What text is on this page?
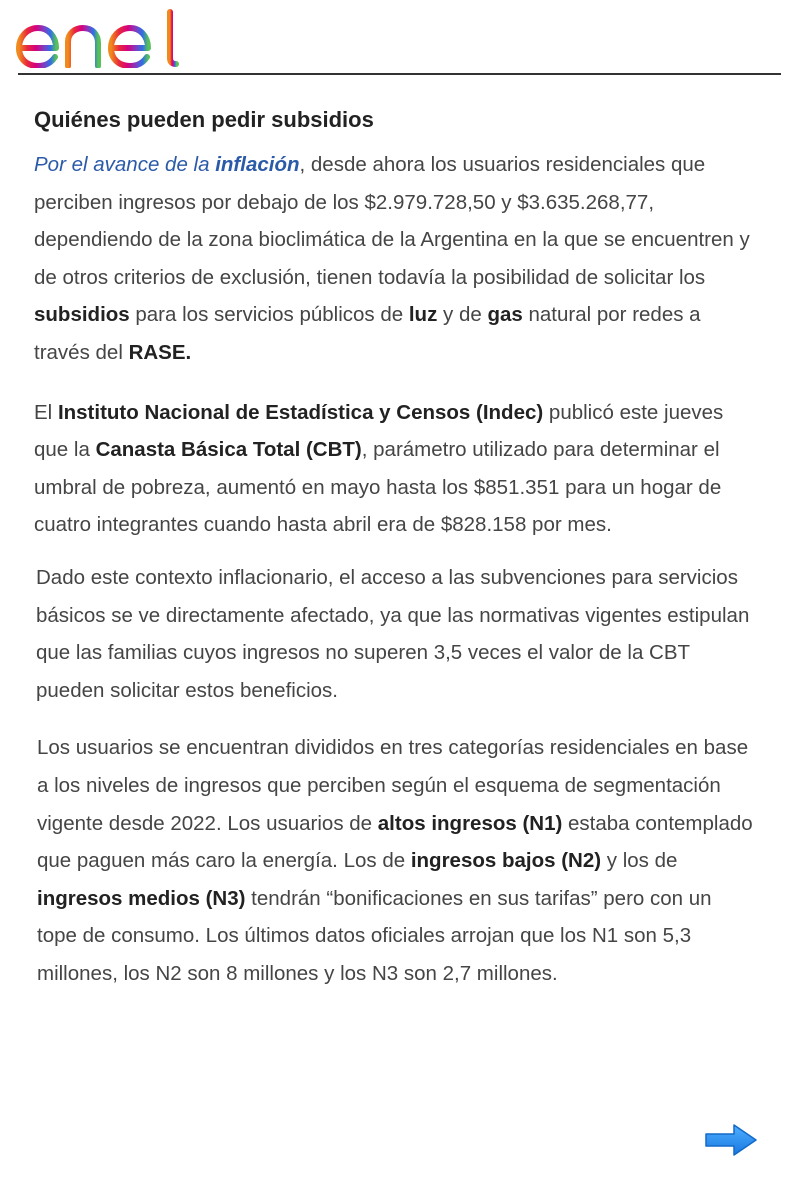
Quiénes pueden pedir subsidios

Por el avance de la inflación, desde ahora los usuarios residenciales que perciben ingresos por debajo de los $2.979.728,50 y $3.635.268,77, dependiendo de la zona bioclimática de la Argentina en la que se encuentren y de otros criterios de exclusión, tienen todavía la posibilidad de solicitar los subsidios para los servicios públicos de luz y de gas natural por redes a través del RASE.

El Instituto Nacional de Estadística y Censos (Indec) publicó este jueves que la Canasta Básica Total (CBT), parámetro utilizado para determinar el umbral de pobreza, aumentó en mayo hasta los $851.351 para un hogar de cuatro integrantes cuando hasta abril era de $828.158 por mes.

Dado este contexto inflacionario, el acceso a las subvenciones para servicios básicos se ve directamente afectado, ya que las normativas vigentes estipulan que las familias cuyos ingresos no superen 3,5 veces el valor de la CBT pueden solicitar estos beneficios.

Los usuarios se encuentran divididos en tres categorías residenciales en base a los niveles de ingresos que perciben según el esquema de segmentación vigente desde 2022. Los usuarios de altos ingresos (N1) estaba contemplado que paguen más caro la energía. Los de ingresos bajos (N2) y los de ingresos medios (N3) tendrán “bonificaciones en sus tarifas” pero con un tope de consumo. Los últimos datos oficiales arrojan que los N1 son 5,3 millones, los N2 son 8 millones y los N3 son 2,7 millones.
